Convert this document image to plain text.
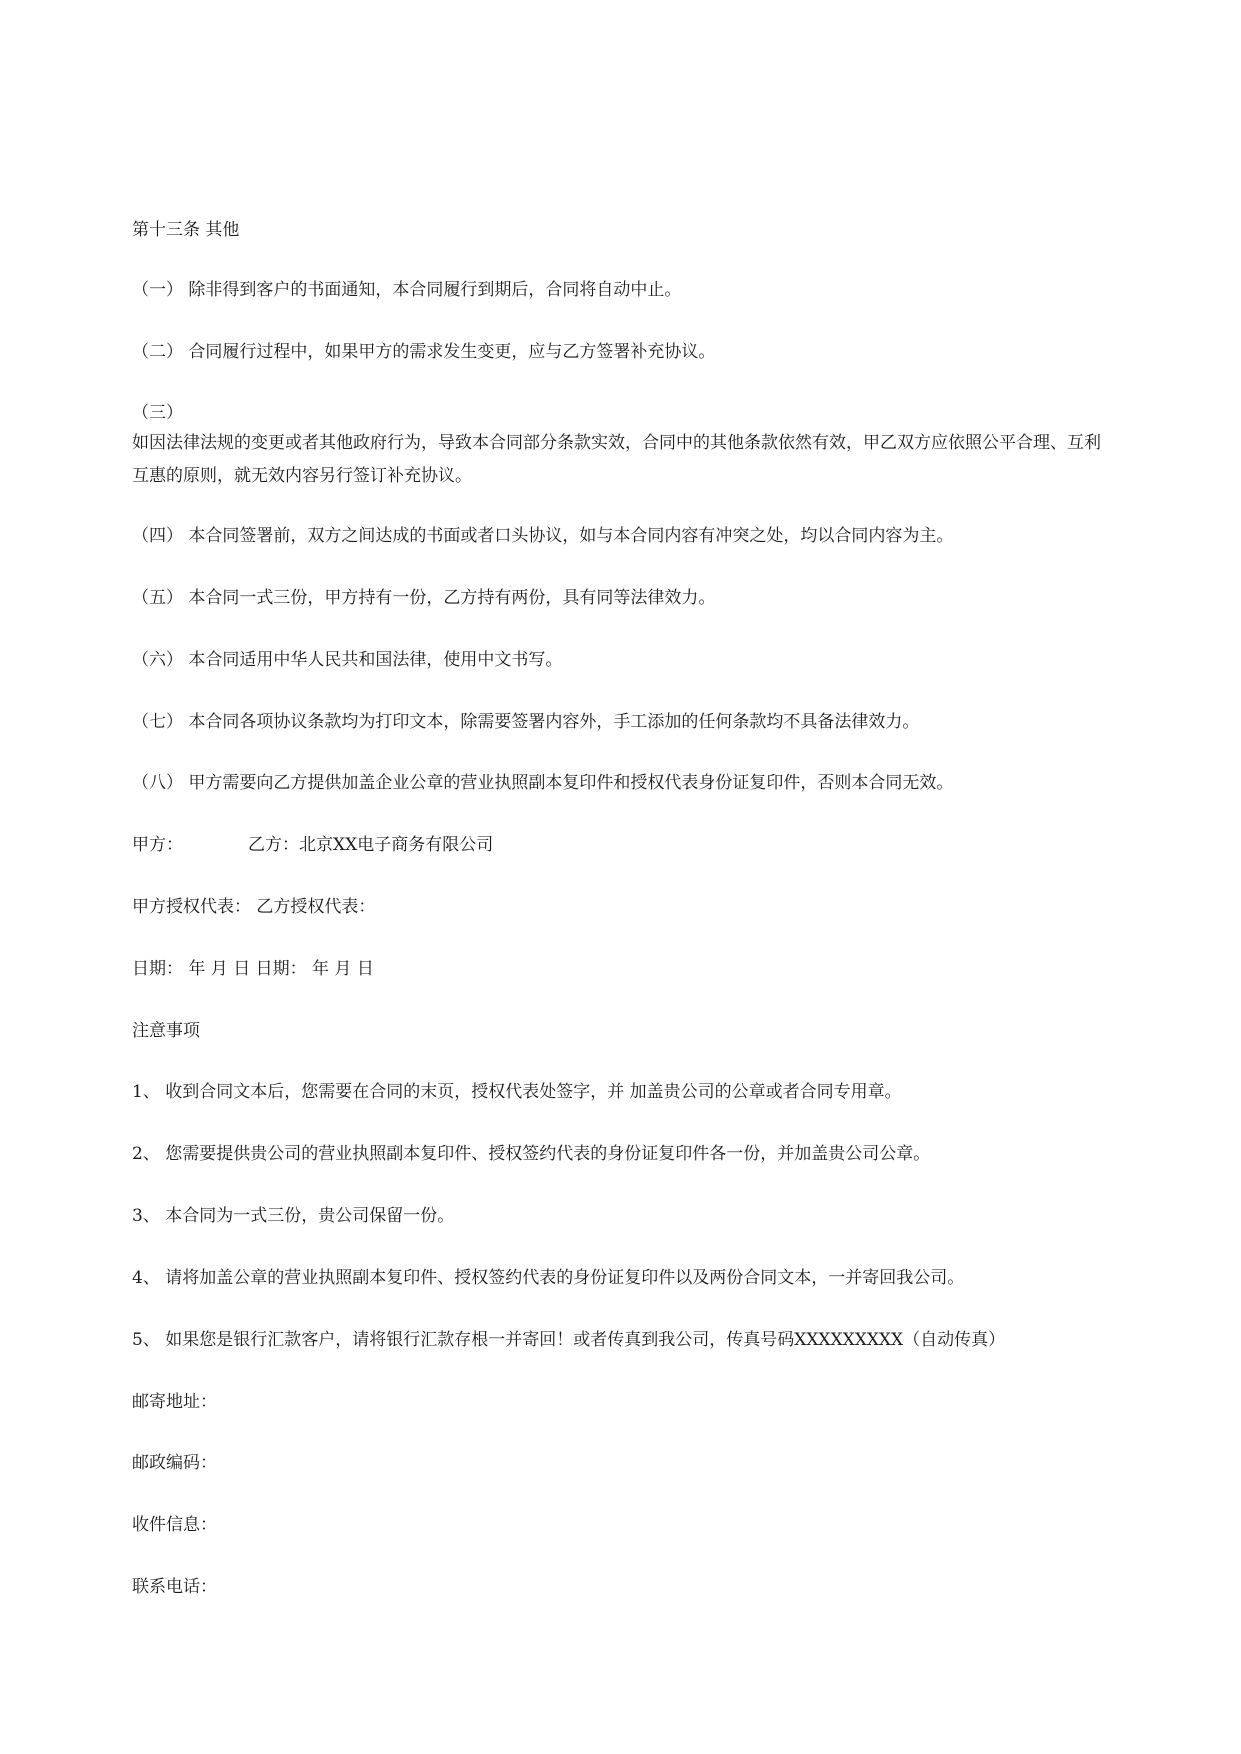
第十三条 其他
（一） 除非得到客户的书面通知，本合同履行到期后，合同将自动中止。
（二） 合同履行过程中，如果甲方的需求发生变更，应与乙方签署补充协议。
（三）
如因法律法规的变更或者其他政府行为，导致本合同部分条款实效，合同中的其他条款依然有效，甲乙双方应依照公平合理、互利互惠的原则，就无效内容另行签订补充协议。
（四） 本合同签署前，双方之间达成的书面或者口头协议，如与本合同内容有冲突之处，均以合同内容为主。
（五） 本合同一式三份，甲方持有一份，乙方持有两份，具有同等法律效力。
（六） 本合同适用中华人民共和国法律，使用中文书写。
（七） 本合同各项协议条款均为打印文本，除需要签署内容外，手工添加的任何条款均不具备法律效力。
（八） 甲方需要向乙方提供加盖企业公章的营业执照副本复印件和授权代表身份证复印件，否则本合同无效。
甲方：	乙方：北京XX电子商务有限公司
甲方授权代表： 乙方授权代表：
日期： 年 月 日 日期： 年 月 日
注意事项
1、 收到合同文本后，您需要在合同的末页，授权代表处签字，并 加盖贵公司的公章或者合同专用章。
2、 您需要提供贵公司的营业执照副本复印件、授权签约代表的身份证复印件各一份，并加盖贵公司公章。
3、 本合同为一式三份，贵公司保留一份。
4、 请将加盖公章的营业执照副本复印件、授权签约代表的身份证复印件以及两份合同文本，一并寄回我公司。
5、 如果您是银行汇款客户，请将银行汇款存根一并寄回！或者传真到我公司，传真号码XXXXXXXXX（自动传真）
邮寄地址：
邮政编码：
收件信息：
联系电话：
